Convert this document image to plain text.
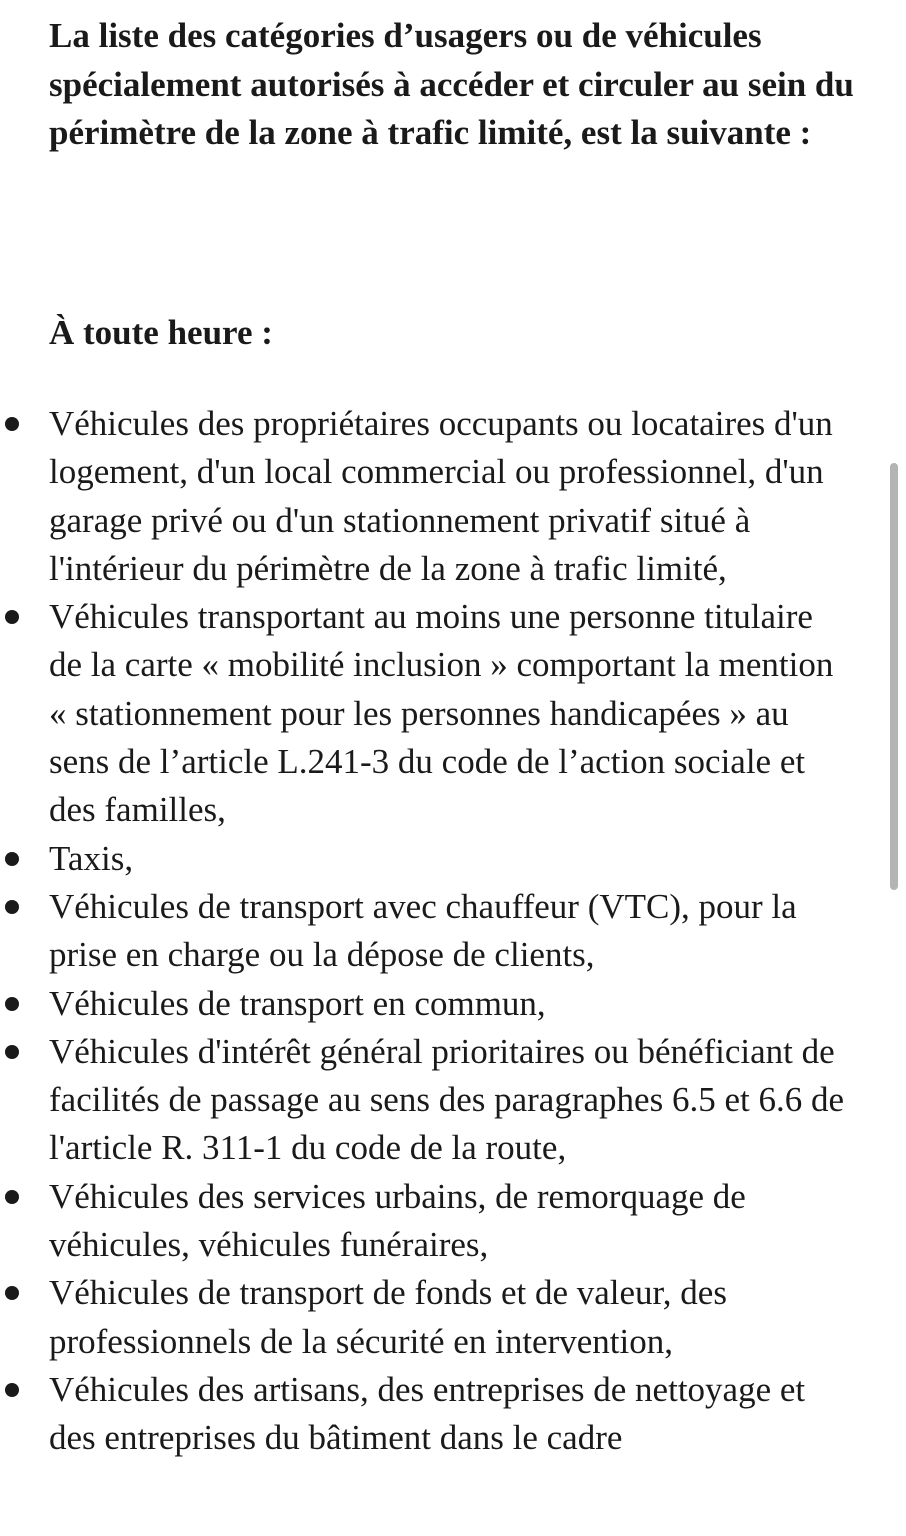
La liste des catégories d’usagers ou de véhicules spécialement autorisés à accéder et circuler au sein du périmètre de la zone à trafic limité, est la suivante :

À toute heure :

Véhicules des propriétaires occupants ou locataires d'un logement, d'un local commercial ou professionnel, d'un garage privé ou d'un stationnement privatif situé à l'intérieur du périmètre de la zone à trafic limité,
Véhicules transportant au moins une personne titulaire de la carte « mobilité inclusion » comportant la mention « stationnement pour les personnes handicapées » au sens de l’article L.241-3 du code de l’action sociale et des familles,
Taxis,
Véhicules de transport avec chauffeur (VTC), pour la prise en charge ou la dépose de clients,
Véhicules de transport en commun,
Véhicules d'intérêt général prioritaires ou bénéficiant de facilités de passage au sens des paragraphes 6.5 et 6.6 de l'article R. 311-1 du code de la route,
Véhicules des services urbains, de remorquage de véhicules, véhicules funéraires,
Véhicules de transport de fonds et de valeur, des professionnels de la sécurité en intervention,
Véhicules des artisans, des entreprises de nettoyage et des entreprises du bâtiment dans le cadre
